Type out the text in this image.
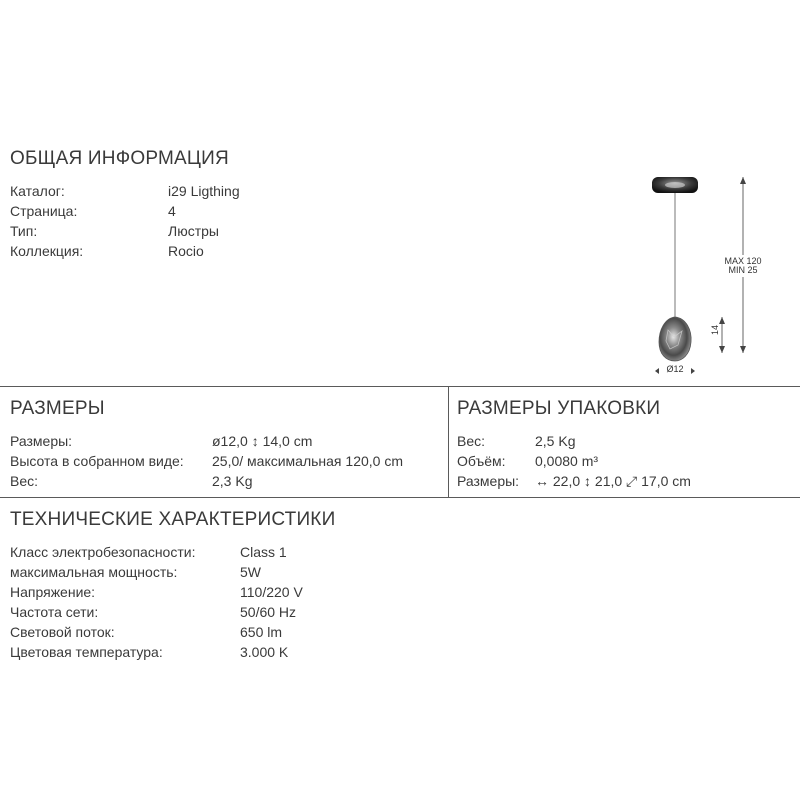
ОБЩАЯ ИНФОРМАЦИЯ
Каталог:	i29 Ligthing
Страница:	4
Тип:	Люстры
Коллекция:	Rocio
MAX 120
MIN 25
14
Ø12
РАЗМЕРЫ
Размеры:	ø12,0 ↕ 14,0 cm
Высота в собранном виде: 25,0/ максимальная 120,0 cm
Вес:	2,3 Kg
РАЗМЕРЫ УПАКОВКИ
Вес:	2,5 Kg
Объём: 0,0080 m³
Размеры: ↔ 22,0 ↕ 21,0 ⤢ 17,0 cm
ТЕХНИЧЕСКИЕ ХАРАКТЕРИСТИКИ
Класс электробезопасности:	Class 1
максимальная мощность:	5W
Напряжение:	110/220 V
Частота сети:	50/60 Hz
Световой поток:	650 lm
Цветовая температура:	3.000 K
